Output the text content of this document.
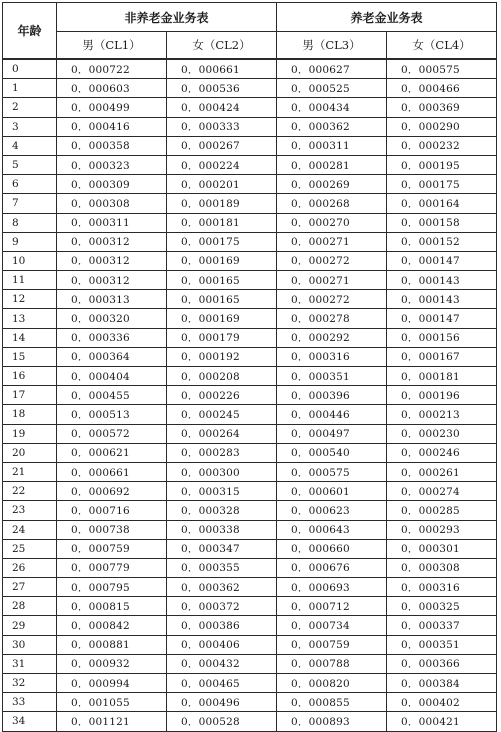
年龄	非养老金业务表		养老金业务表	
	男（CL1）	女（CL2）	男（CL3）	女（CL4）
0	0．000722	0．000661	0．000627	0．000575
1	0．000603	0．000536	0．000525	0．000466
2	0．000499	0．000424	0．000434	0．000369
3	0．000416	0．000333	0．000362	0．000290
4	0．000358	0．000267	0．000311	0．000232
5	0．000323	0．000224	0．000281	0．000195
6	0．000309	0．000201	0．000269	0．000175
7	0．000308	0．000189	0．000268	0．000164
8	0．000311	0．000181	0．000270	0．000158
9	0．000312	0．000175	0．000271	0．000152
10	0．000312	0．000169	0．000272	0．000147
11	0．000312	0．000165	0．000271	0．000143
12	0．000313	0．000165	0．000272	0．000143
13	0．000320	0．000169	0．000278	0．000147
14	0．000336	0．000179	0．000292	0．000156
15	0．000364	0．000192	0．000316	0．000167
16	0．000404	0．000208	0．000351	0．000181
17	0．000455	0．000226	0．000396	0．000196
18	0．000513	0．000245	0．000446	0．000213
19	0．000572	0．000264	0．000497	0．000230
20	0．000621	0．000283	0．000540	0．000246
21	0．000661	0．000300	0．000575	0．000261
22	0．000692	0．000315	0．000601	0．000274
23	0．000716	0．000328	0．000623	0．000285
24	0．000738	0．000338	0．000643	0．000293
25	0．000759	0．000347	0．000660	0．000301
26	0．000779	0．000355	0．000676	0．000308
27	0．000795	0．000362	0．000693	0．000316
28	0．000815	0．000372	0．000712	0．000325
29	0．000842	0．000386	0．000734	0．000337
30	0．000881	0．000406	0．000759	0．000351
31	0．000932	0．000432	0．000788	0．000366
32	0．000994	0．000465	0．000820	0．000384
33	0．001055	0．000496	0．000855	0．000402
34	0．001121	0．000528	0．000893	0．000421
